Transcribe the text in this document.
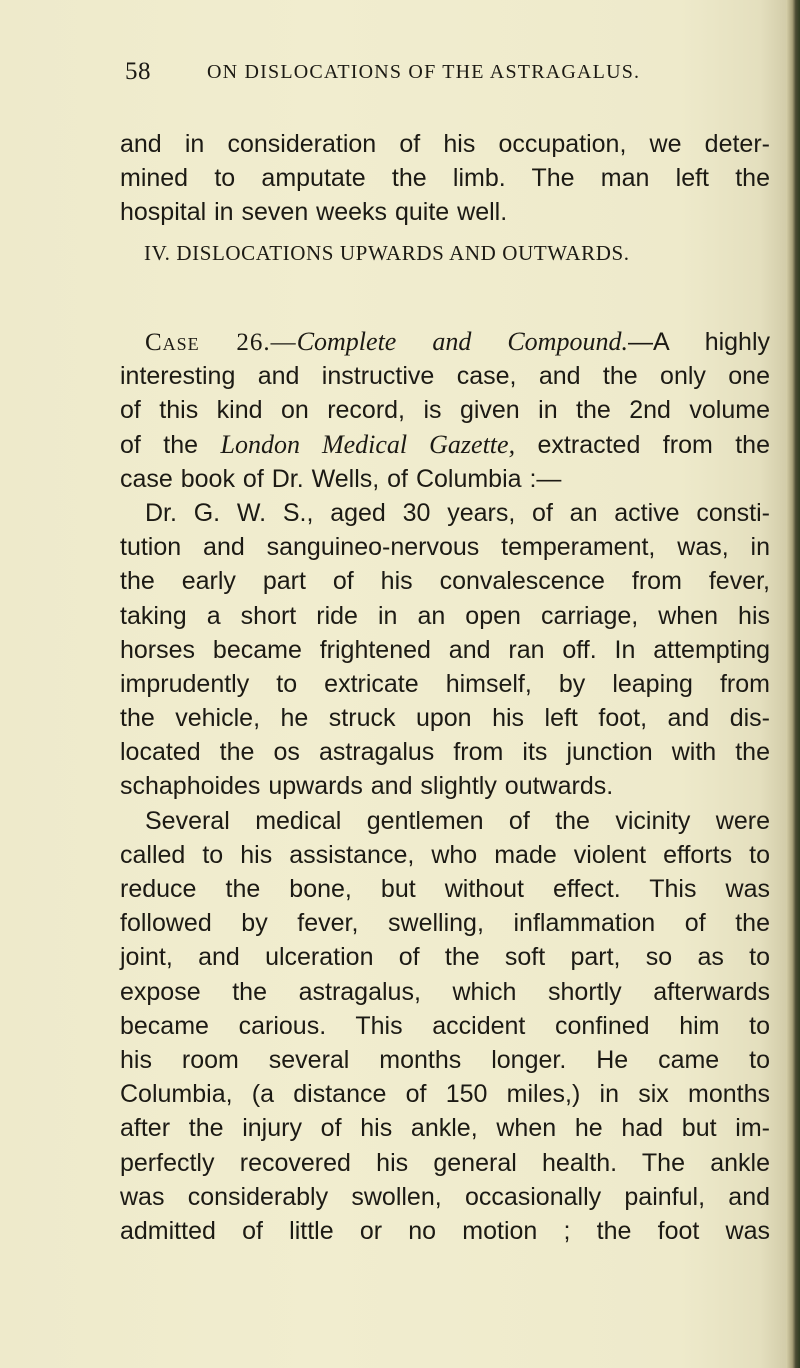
58	ON DISLOCATIONS OF THE ASTRAGALUS.
and in consideration of his occupation, we deter-
mined to amputate the limb. The man left the
hospital in seven weeks quite well.
IV. DISLOCATIONS UPWARDS AND OUTWARDS.
Case 26.—Complete and Compound.—A highly
interesting and instructive case, and the only one
of this kind on record, is given in the 2nd volume
of the London Medical Gazette, extracted from the
case book of Dr. Wells, of Columbia :—
Dr. G. W. S., aged 30 years, of an active consti-
tution and sanguineo-nervous temperament, was, in
the early part of his convalescence from fever,
taking a short ride in an open carriage, when his
horses became frightened and ran off. In attempting
imprudently to extricate himself, by leaping from
the vehicle, he struck upon his left foot, and dis-
located the os astragalus from its junction with the
schaphoides upwards and slightly outwards.
Several medical gentlemen of the vicinity were
called to his assistance, who made violent efforts to
reduce the bone, but without effect. This was
followed by fever, swelling, inflammation of the
joint, and ulceration of the soft part, so as to
expose the astragalus, which shortly afterwards
became carious. This accident confined him to
his room several months longer. He came to
Columbia, (a distance of 150 miles,) in six months
after the injury of his ankle, when he had but im-
perfectly recovered his general health. The ankle
was considerably swollen, occasionally painful, and
admitted of little or no motion ; the foot was
